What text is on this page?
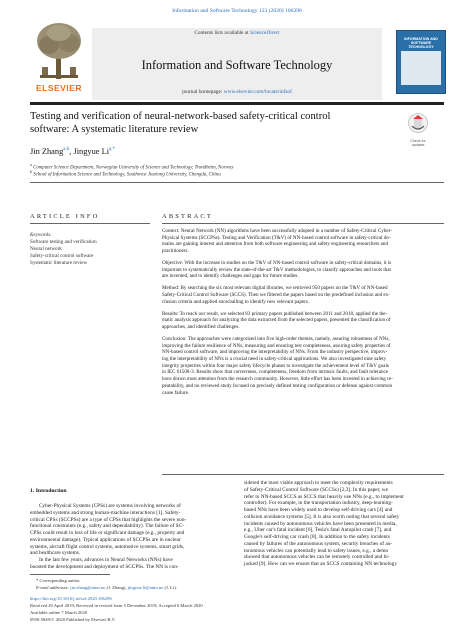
Information and Software Technology 123 (2020) 106296
ELSEVIER
Contents lists available at ScienceDirect
Information and Software Technology
journal homepage: www.elsevier.com/locate/infsof
INFORMATION AND SOFTWARE TECHNOLOGY
Testing and verification of neural-network-based safety-critical control
software: A systematic literature review
Check for
updates
Jin Zhang$^{a,b}$, Jingyue $Li^{a,*}$
$^a$ Computer Science Department, Norwegian University of Science and Technology, Trondheim, Norway
$^b$ School of Information Science and Technology, Southwest Jiaotong University, Chengdu, China
ARTICLE INFO	ABSTRACT
Keywords:
Software testing and verification
Neural network
Safety-critical control software
Systematic literature review

Context: Neural Network (NN) algorithms have been successfully adopted in a number of Safety-Critical Cyber-
Physical Systems (SCCPSs). Testing and Verification (T&V) of NN-based control software in safety-critical do-
mains are gaining interest and attention from both software engineering and safety engineering researchers and
practitioners.

Objective: With the increase in studies on the T&V of NN-based control software in safety-critical domains, it is
important to systematically review the state-of-the-art T&V methodologies, to classify approaches and tools that
are invented, and to identify challenges and gaps for future studies.

Method: By searching the six most relevant digital libraries, we retrieved 950 papers on the T&V of NN-based
Safety-Critical Control Software (SCCS). Then we filtered the papers based on the predefined inclusion and ex-
clusion criteria and applied snowballing to identify new relevant papers.

Results: To reach our result, we selected 83 primary papers published between 2011 and 2018, applied the the-
matic analysis approach for analyzing the data extracted from the selected papers, presented the classification of
approaches, and identified challenges.

Conclusion: The approaches were categorized into five high-order themes, namely, assuring robustness of NNs,
improving the failure resilience of NNs, measuring and ensuring test completeness, assuring safety properties of
NN-based control software, and improving the interpretability of NNs. From the industry perspective, improv-
ing the interpretability of NNs is a crucial need in safety-critical applications. We also investigated nine safety
integrity properties within four major safety lifecycle phases to investigate the achievement level of T&V goals
in IEC 61508-3. Results show that correctness, completeness, freedom from intrinsic faults, and fault tolerance
have drawn most attention from the research community. However, little effort has been invested in achieving re-
peatability, and no reviewed study focused on precisely defined testing configuration or defense against common
cause failure.

1. Introduction
Cyber-Physical Systems (CPSs) are systems involving networks of
embedded systems and strong human-machine interactions [1]. Safety-
critical CPSs (SCCPSs) are a type of CPSs that highlights the severe non-
functional constraints (e.g., safety and dependability). The failure of SC-
CPSs could result in loss of life or significant damage (e.g., property and
environmental damage). Typical applications of SCCPSs are in nuclear
systems, aircraft flight control systems, automotive systems, smart grids,
and healthcare systems.
In the last few years, advances in Neural Networks (NNs) have
boosted the development and deployment of SCCPSs. The NN is con-
sidered the most viable approach to meet the complexity requirements
of Safety-Critical Control Software (SCCSs) [2,3]. In this paper, we
refer to NN-based SCCS as SCCS that heavily use NNs (e.g., to implement
controller). For example, in the transportation industry, deep-learning-
based NNs have been widely used to develop self-driving cars [4] and
collision avoidance systems [5]. It is also worth noting that several safety
incidents caused by autonomous vehicles have been presented in media,
e.g., Uber car's fatal incident [6], Tesla's fatal Autopilot crash [7], and
Google's self-driving car crash [8]. In addition to the safety incidents
caused by failures of the autonomous system, security breaches of au-
tonomous vehicles can potentially lead to safety issues, e.g., a demo
showed that autonomous vehicles can be remotely controlled and hi-
jacked [9]. How can we ensure that an SCCS containing NN technology
* Corresponding author.
E-mail addresses: jin.zhang@ntnu.no (J. Zhang), jingyue.li@ntnu.no (J. Li).
https://doi.org/10.1016/j.infsof.2020.106296
Received 20 April 2019; Received in revised form 5 December 2019; Accepted 6 March 2020
Available online 7 March 2020
0950-5849/© 2020 Published by Elsevier B.V.
